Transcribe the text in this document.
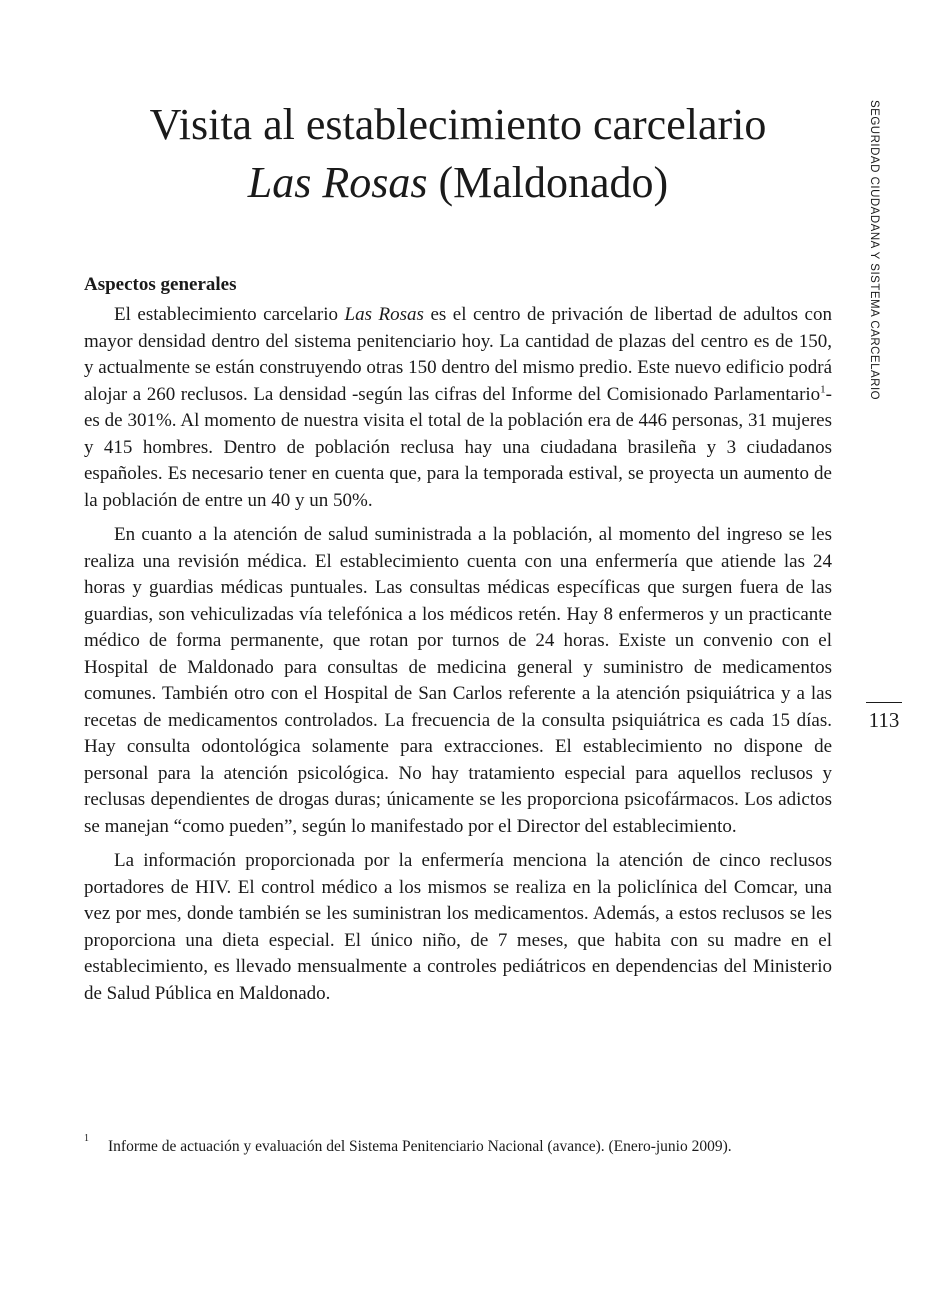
Visita al establecimiento carcelario
Las Rosas (Maldonado)	SEGURIDAD CIUDADANA Y SISTEMA CARCELARIO
113
Aspectos generales

El establecimiento carcelario Las Rosas es el centro de privación de libertad de adultos con mayor densidad dentro del sistema penitenciario hoy. La cantidad de plazas del centro es de 150, y actualmente se están construyendo otras 150 dentro del mismo predio. Este nuevo edificio podrá alojar a 260 reclusos. La densidad -según las cifras del Informe del Comisionado Parlamentario$^1$- es de 301%. Al momento de nuestra visita el total de la población era de 446 personas, 31 mujeres y 415 hombres. Dentro de población reclusa hay una ciudadana brasileña y 3 ciudadanos españoles. Es necesario tener en cuenta que, para la temporada estival, se proyecta un aumento de la población de entre un 40 y un 50%.

En cuanto a la atención de salud suministrada a la población, al momento del ingreso se les realiza una revisión médica. El establecimiento cuenta con una enfermería que atiende las 24 horas y guardias médicas puntuales. Las consultas médicas específicas que surgen fuera de las guardias, son vehiculizadas vía telefónica a los médicos retén. Hay 8 enfermeros y un practicante médico de forma permanente, que rotan por turnos de 24 horas. Existe un convenio con el Hospital de Maldonado para consultas de medicina general y suministro de medicamentos comunes. También otro con el Hospital de San Carlos referente a la atención psiquiátrica y a las recetas de medicamentos controlados. La frecuencia de la consulta psiquiátrica es cada 15 días. Hay consulta odontológica solamente para extracciones. El establecimiento no dispone de personal para la atención psicológica. No hay tratamiento especial para aquellos reclusos y reclusas dependientes de drogas duras; únicamente se les proporciona psicofármacos. Los adictos se manejan “como pueden”, según lo manifestado por el Director del establecimiento.

La información proporcionada por la enfermería menciona la atención de cinco reclusos portadores de HIV. El control médico a los mismos se realiza en la policlínica del Comcar, una vez por mes, donde también se les suministran los medicamentos. Además, a estos reclusos se les proporciona una dieta especial. El único niño, de 7 meses, que habita con su madre en el establecimiento, es llevado mensualmente a controles pediátricos en dependencias del Ministerio de Salud Pública en Maldonado.

1 Informe de actuación y evaluación del Sistema Penitenciario Nacional (avance). (Enero-junio 2009).
